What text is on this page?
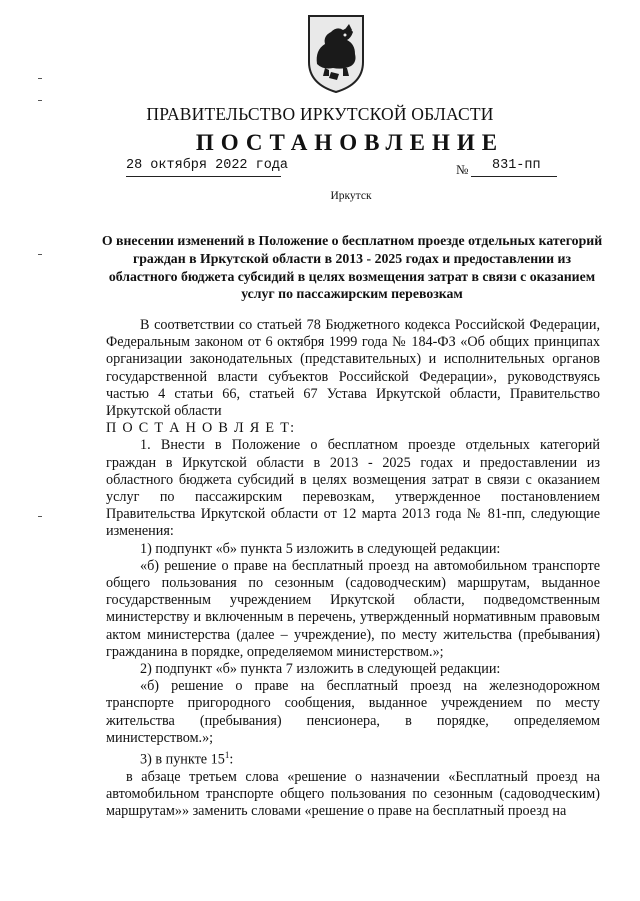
ПРАВИТЕЛЬСТВО ИРКУТСКОЙ ОБЛАСТИ
ПОСТАНОВЛЕНИЕ
28 октября 2022 года	№ 831-пп
Иркутск
О внесении изменений в Положение о бесплатном проезде отдельных категорий граждан в Иркутской области в 2013 - 2025 годах и предоставлении из областного бюджета субсидий в целях возмещения затрат в связи с оказанием услуг по пассажирским перевозкам

В соответствии со статьей 78 Бюджетного кодекса Российской Федерации, Федеральным законом от 6 октября 1999 года № 184-ФЗ «Об общих принципах организации законодательных (представительных) и исполнительных органов государственной власти субъектов Российской Федерации», руководствуясь частью 4 статьи 66, статьей 67 Устава Иркутской области, Правительство Иркутской области

П О С Т А Н О В Л Я Е Т:

1. Внести в Положение о бесплатном проезде отдельных категорий граждан в Иркутской области в 2013 - 2025 годах и предоставлении из областного бюджета субсидий в целях возмещения затрат в связи с оказанием услуг по пассажирским перевозкам, утвержденное постановлением Правительства Иркутской области от 12 марта 2013 года № 81-пп, следующие изменения:

1) подпункт «б» пункта 5 изложить в следующей редакции:

«б) решение о праве на бесплатный проезд на автомобильном транспорте общего пользования по сезонным (садоводческим) маршрутам, выданное государственным учреждением Иркутской области, подведомственным министерству и включенным в перечень, утвержденный нормативным правовым актом министерства (далее – учреждение), по месту жительства (пребывания) гражданина в порядке, определяемом министерством.»;

2) подпункт «б» пункта 7 изложить в следующей редакции:

«б) решение о праве на бесплатный проезд на железнодорожном транспорте пригородного сообщения, выданное учреждением по месту жительства (пребывания) пенсионера, в порядке, определяемом министерством.»;

3) в пункте $15^1$:

в абзаце третьем слова «решение о назначении «Бесплатный проезд на автомобильном транспорте общего пользования по сезонным (садоводческим) маршрутам»» заменить словами «решение о праве на бесплатный проезд на
